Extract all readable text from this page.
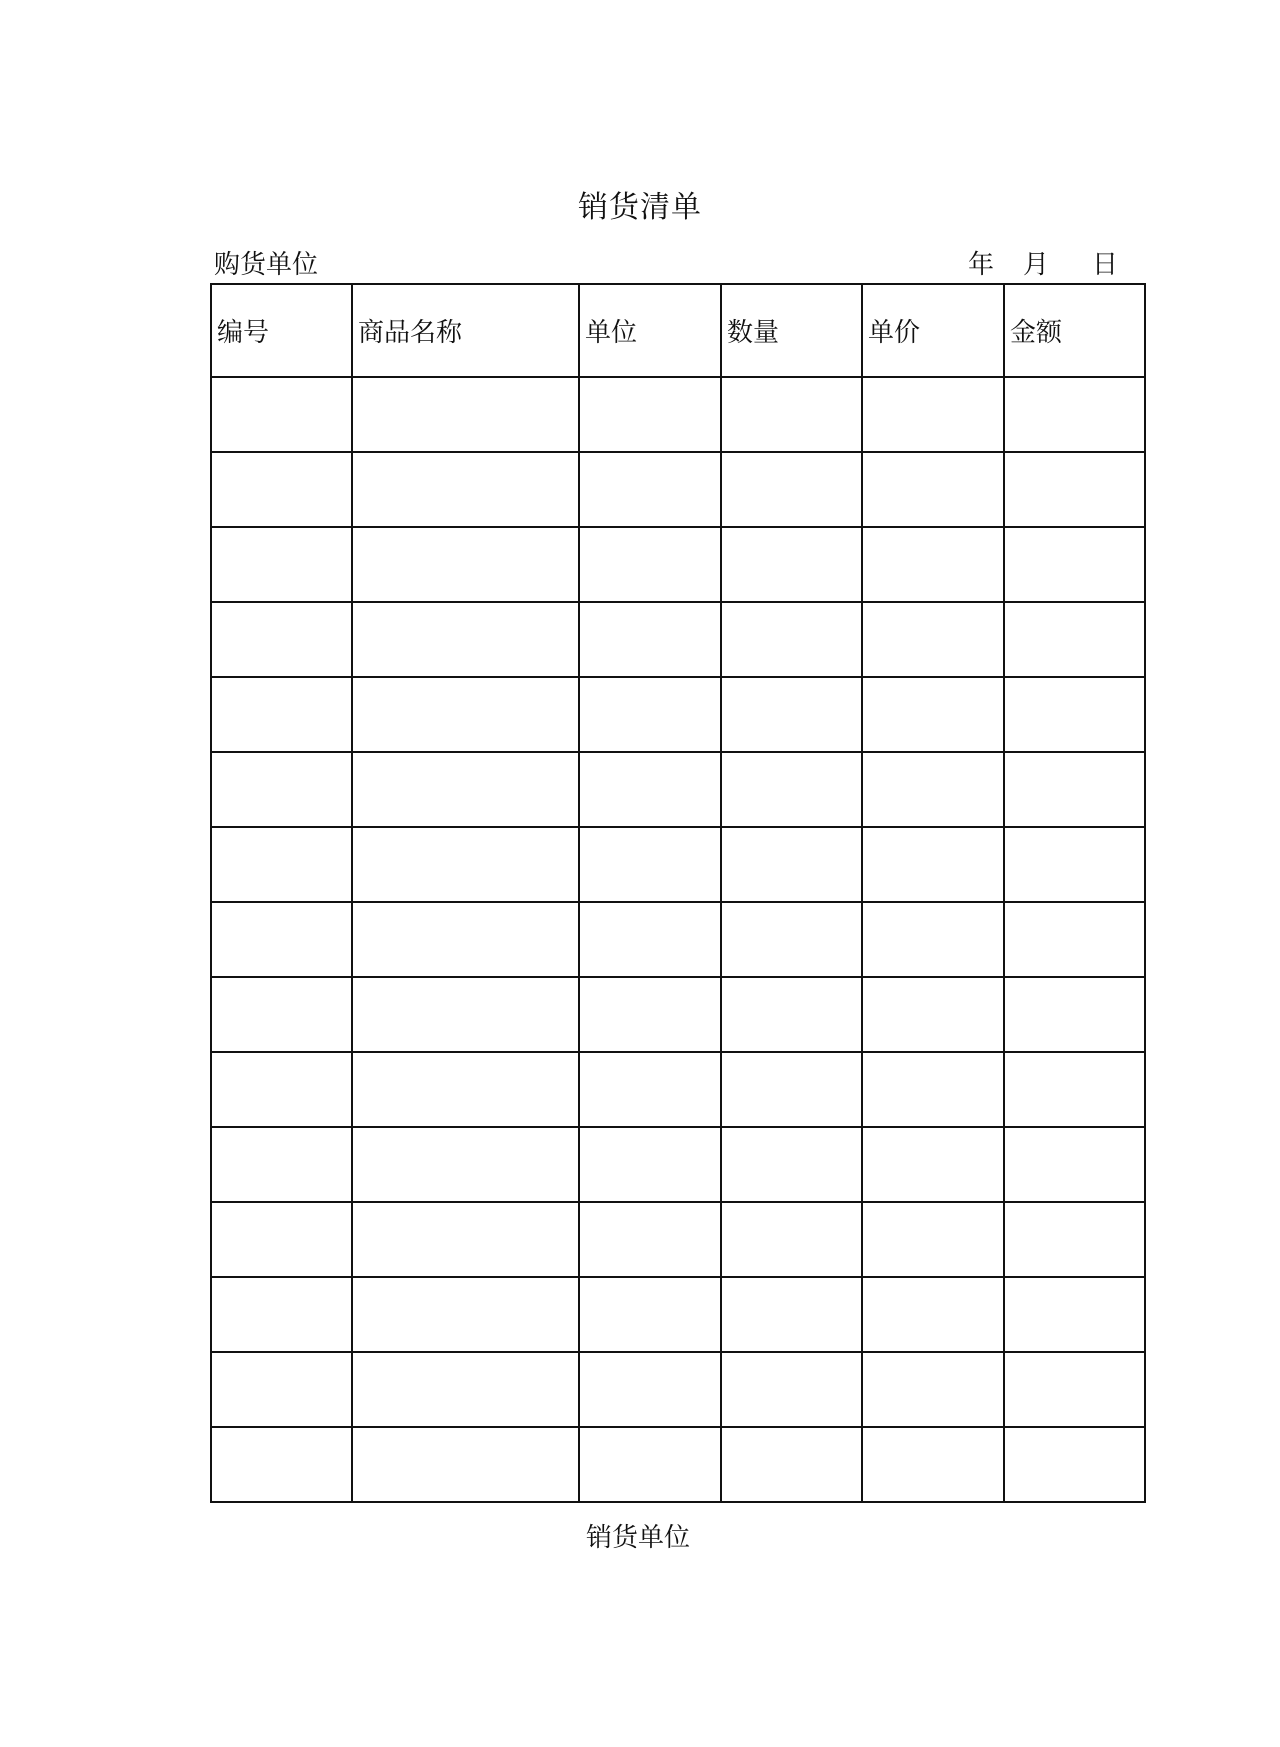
销货清单
购货单位	年 月 日
编号	商品名称	单位	数量	单价	金额

销货单位
